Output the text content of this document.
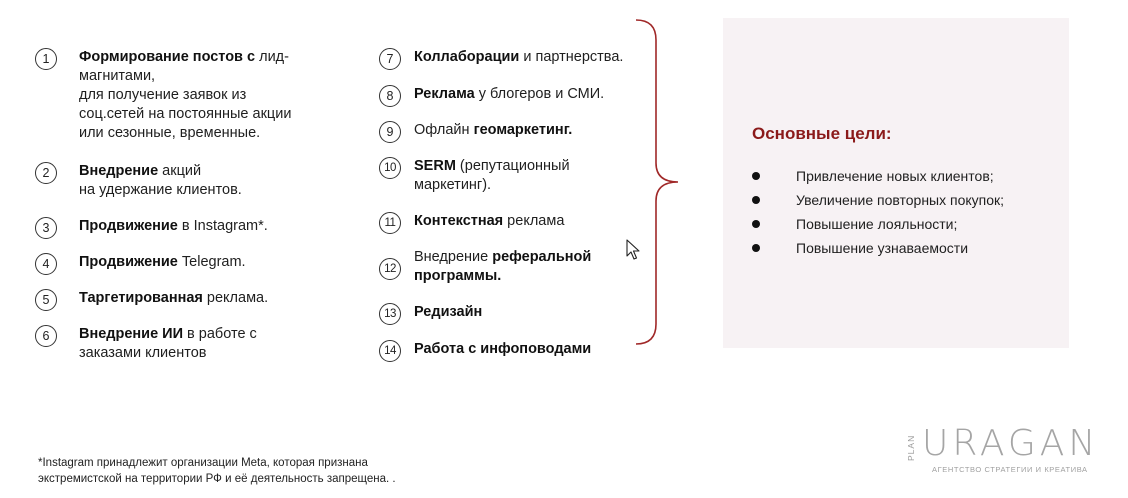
1	Формирование постов с лид-
магнитами,
для получение заявок из
соц.сетей на постоянные акции
или сезонные, временные.
2	Внедрение акций
на удержание клиентов.
3	Продвижение в Instagram*.
4	Продвижение Telegram.
5	Таргетированная реклама.
6	Внедрение ИИ в работе с
заказами клиентов
7	Коллаборации и партнерства.
8	Реклама у блогеров и СМИ.
9	Офлайн геомаркетинг.
10	SERM (репутационный
маркетинг).
11	Контекстная реклама
12
Внедрение реферальной
программы.
13	Редизайн
14	Работа с инфоповодами
Основные цели:
Привлечение новых клиентов;
Увеличение повторных покупок;
Повышение лояльности;
Повышение узнаваемости
*Instagram принадлежит организации Meta, которая признана
экстремистской на территории РФ и её деятельность запрещена. .
PLAN URAGAN
АГЕНТСТВО СТРАТЕГИИ И КРЕАТИВА
